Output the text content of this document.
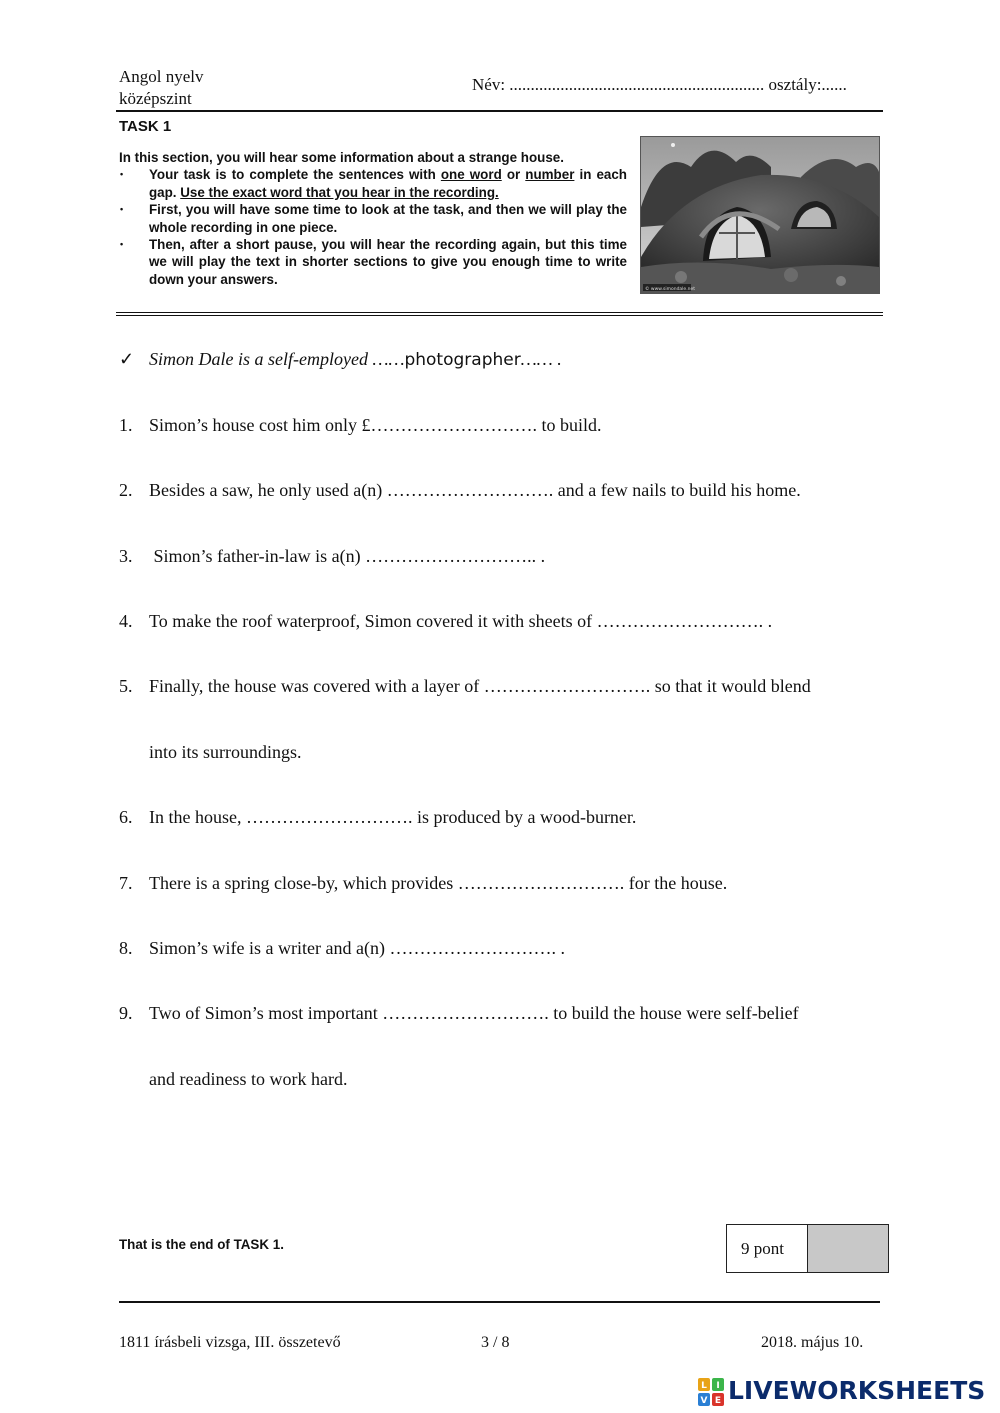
Angol nyelv
középszint
Név: ............................................................ osztály:......
TASK 1
In this section, you will hear some information about a strange house.
• Your task is to complete the sentences with one word or number in each gap. Use the exact word that you hear in the recording.
• First, you will have some time to look at the task, and then we will play the whole recording in one piece.
• Then, after a short pause, you will hear the recording again, but this time we will play the text in shorter sections to give you enough time to write down your answers.
© www.simondale.net
✓ Simon Dale is a self-employed ……photographer…… .
1. Simon’s house cost him only £………………………. to build.
2. Besides a saw, he only used a(n) ………………………. and a few nails to build his home.
3. Simon’s father-in-law is a(n) ……………………….. .
4. To make the roof waterproof, Simon covered it with sheets of ………………………. .
5. Finally, the house was covered with a layer of ………………………. so that it would blend
into its surroundings.
6. In the house, ………………………. is produced by a wood-burner.
7. There is a spring close-by, which provides ………………………. for the house.
8. Simon’s wife is a writer and a(n) ………………………. .
9. Two of Simon’s most important ………………………. to build the house were self-belief
and readiness to work hard.
That is the end of TASK 1.	9 pont
1811 írásbeli vizsga, III. összetevő	3 / 8	2018. május 10.
L I
V E LIVEWORKSHEETS
